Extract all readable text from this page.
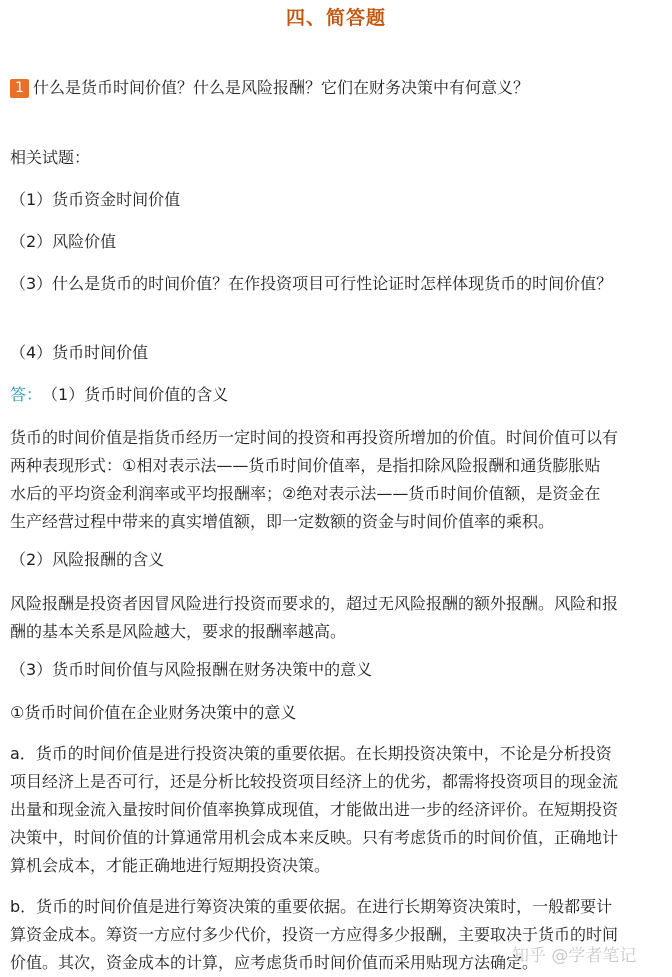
四、简答题
1 什么是货币时间价值？什么是风险报酬？它们在财务决策中有何意义？
相关试题：
（1）货币资金时间价值
（2）风险价值
（3）什么是货币的时间价值？在作投资项目可行性论证时怎样体现货币的时间价值？
（4）货币时间价值
答： （1）货币时间价值的含义
货币的时间价值是指货币经历一定时间的投资和再投资所增加的价值。时间价值可以有
两种表现形式：①相对表示法——货币时间价值率，是指扣除风险报酬和通货膨胀贴
水后的平均资金利润率或平均报酬率；②绝对表示法——货币时间价值额，是资金在
生产经营过程中带来的真实增值额，即一定数额的资金与时间价值率的乘积。
（2）风险报酬的含义
风险报酬是投资者因冒风险进行投资而要求的，超过无风险报酬的额外报酬。风险和报
酬的基本关系是风险越大，要求的报酬率越高。
（3）货币时间价值与风险报酬在财务决策中的意义
①货币时间价值在企业财务决策中的意义
a．货币的时间价值是进行投资决策的重要依据。在长期投资决策中，不论是分析投资
项目经济上是否可行，还是分析比较投资项目经济上的优劣，都需将投资项目的现金流
出量和现金流入量按时间价值率换算成现值，才能做出进一步的经济评价。在短期投资
决策中，时间价值的计算通常用机会成本来反映。只有考虑货币的时间价值，正确地计
算机会成本，才能正确地进行短期投资决策。
b．货币的时间价值是进行筹资决策的重要依据。在进行长期筹资决策时，一般都要计
算资金成本。筹资一方应付多少代价，投资一方应得多少报酬，主要取决于货币的时间
价值。其次，资金成本的计算，应考虑货币时间价值而采用贴现方法确定。
知乎 @学者笔记
